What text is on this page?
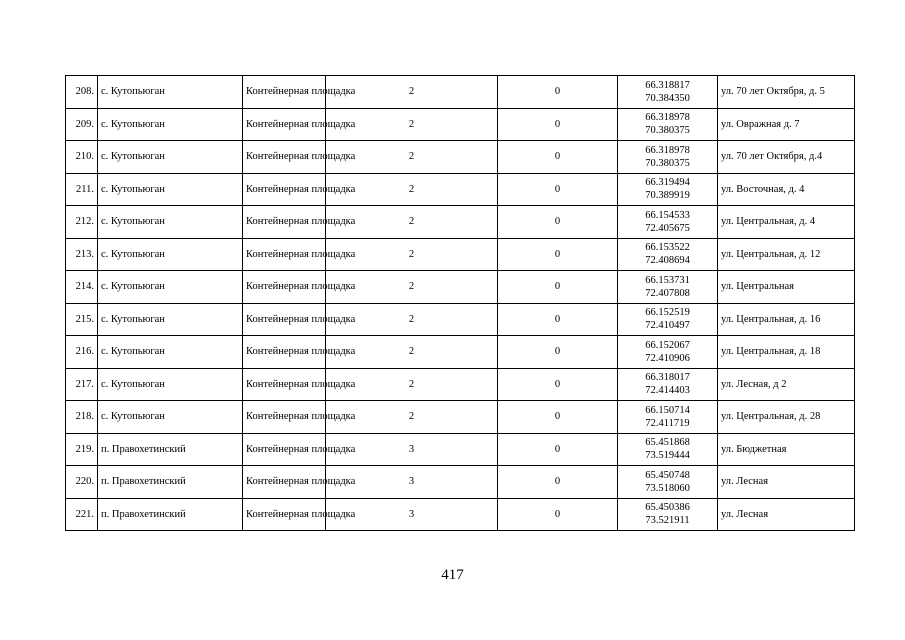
208.	с. Кутопьюган	Контейнерная площадка	2	0	66.318817
70.384350	ул. 70 лет Октября, д. 5
209.	с. Кутопьюган	Контейнерная площадка	2	0	66.318978
70.380375	ул. Овражная д. 7
210.	с. Кутопьюган	Контейнерная площадка	2	0	66.318978
70.380375	ул. 70 лет Октября, д.4
211.	с. Кутопьюган	Контейнерная площадка	2	0	66.319494
70.389919	ул. Восточная, д. 4
212.	с. Кутопьюган	Контейнерная площадка	2	0	66.154533
72.405675	ул. Центральная, д. 4
213.	с. Кутопьюган	Контейнерная площадка	2	0	66.153522
72.408694	ул. Центральная, д. 12
214.	с. Кутопьюган	Контейнерная площадка	2	0	66.153731
72.407808	ул. Центральная
215.	с. Кутопьюган	Контейнерная площадка	2	0	66.152519
72.410497	ул. Центральная, д. 16
216.	с. Кутопьюган	Контейнерная площадка	2	0	66.152067
72.410906	ул. Центральная, д. 18
217.	с. Кутопьюган	Контейнерная площадка	2	0	66.318017
72.414403	ул. Лесная, д 2
218.	с. Кутопьюган	Контейнерная площадка	2	0	66.150714
72.411719	ул. Центральная, д. 28
219.	п. Правохетинский	Контейнерная площадка	3	0	65.451868
73.519444	ул. Бюджетная
220.	п. Правохетинский	Контейнерная площадка	3	0	65.450748
73.518060	ул. Лесная
221.	п. Правохетинский	Контейнерная площадка	3	0	65.450386
73.521911	ул. Лесная
417
